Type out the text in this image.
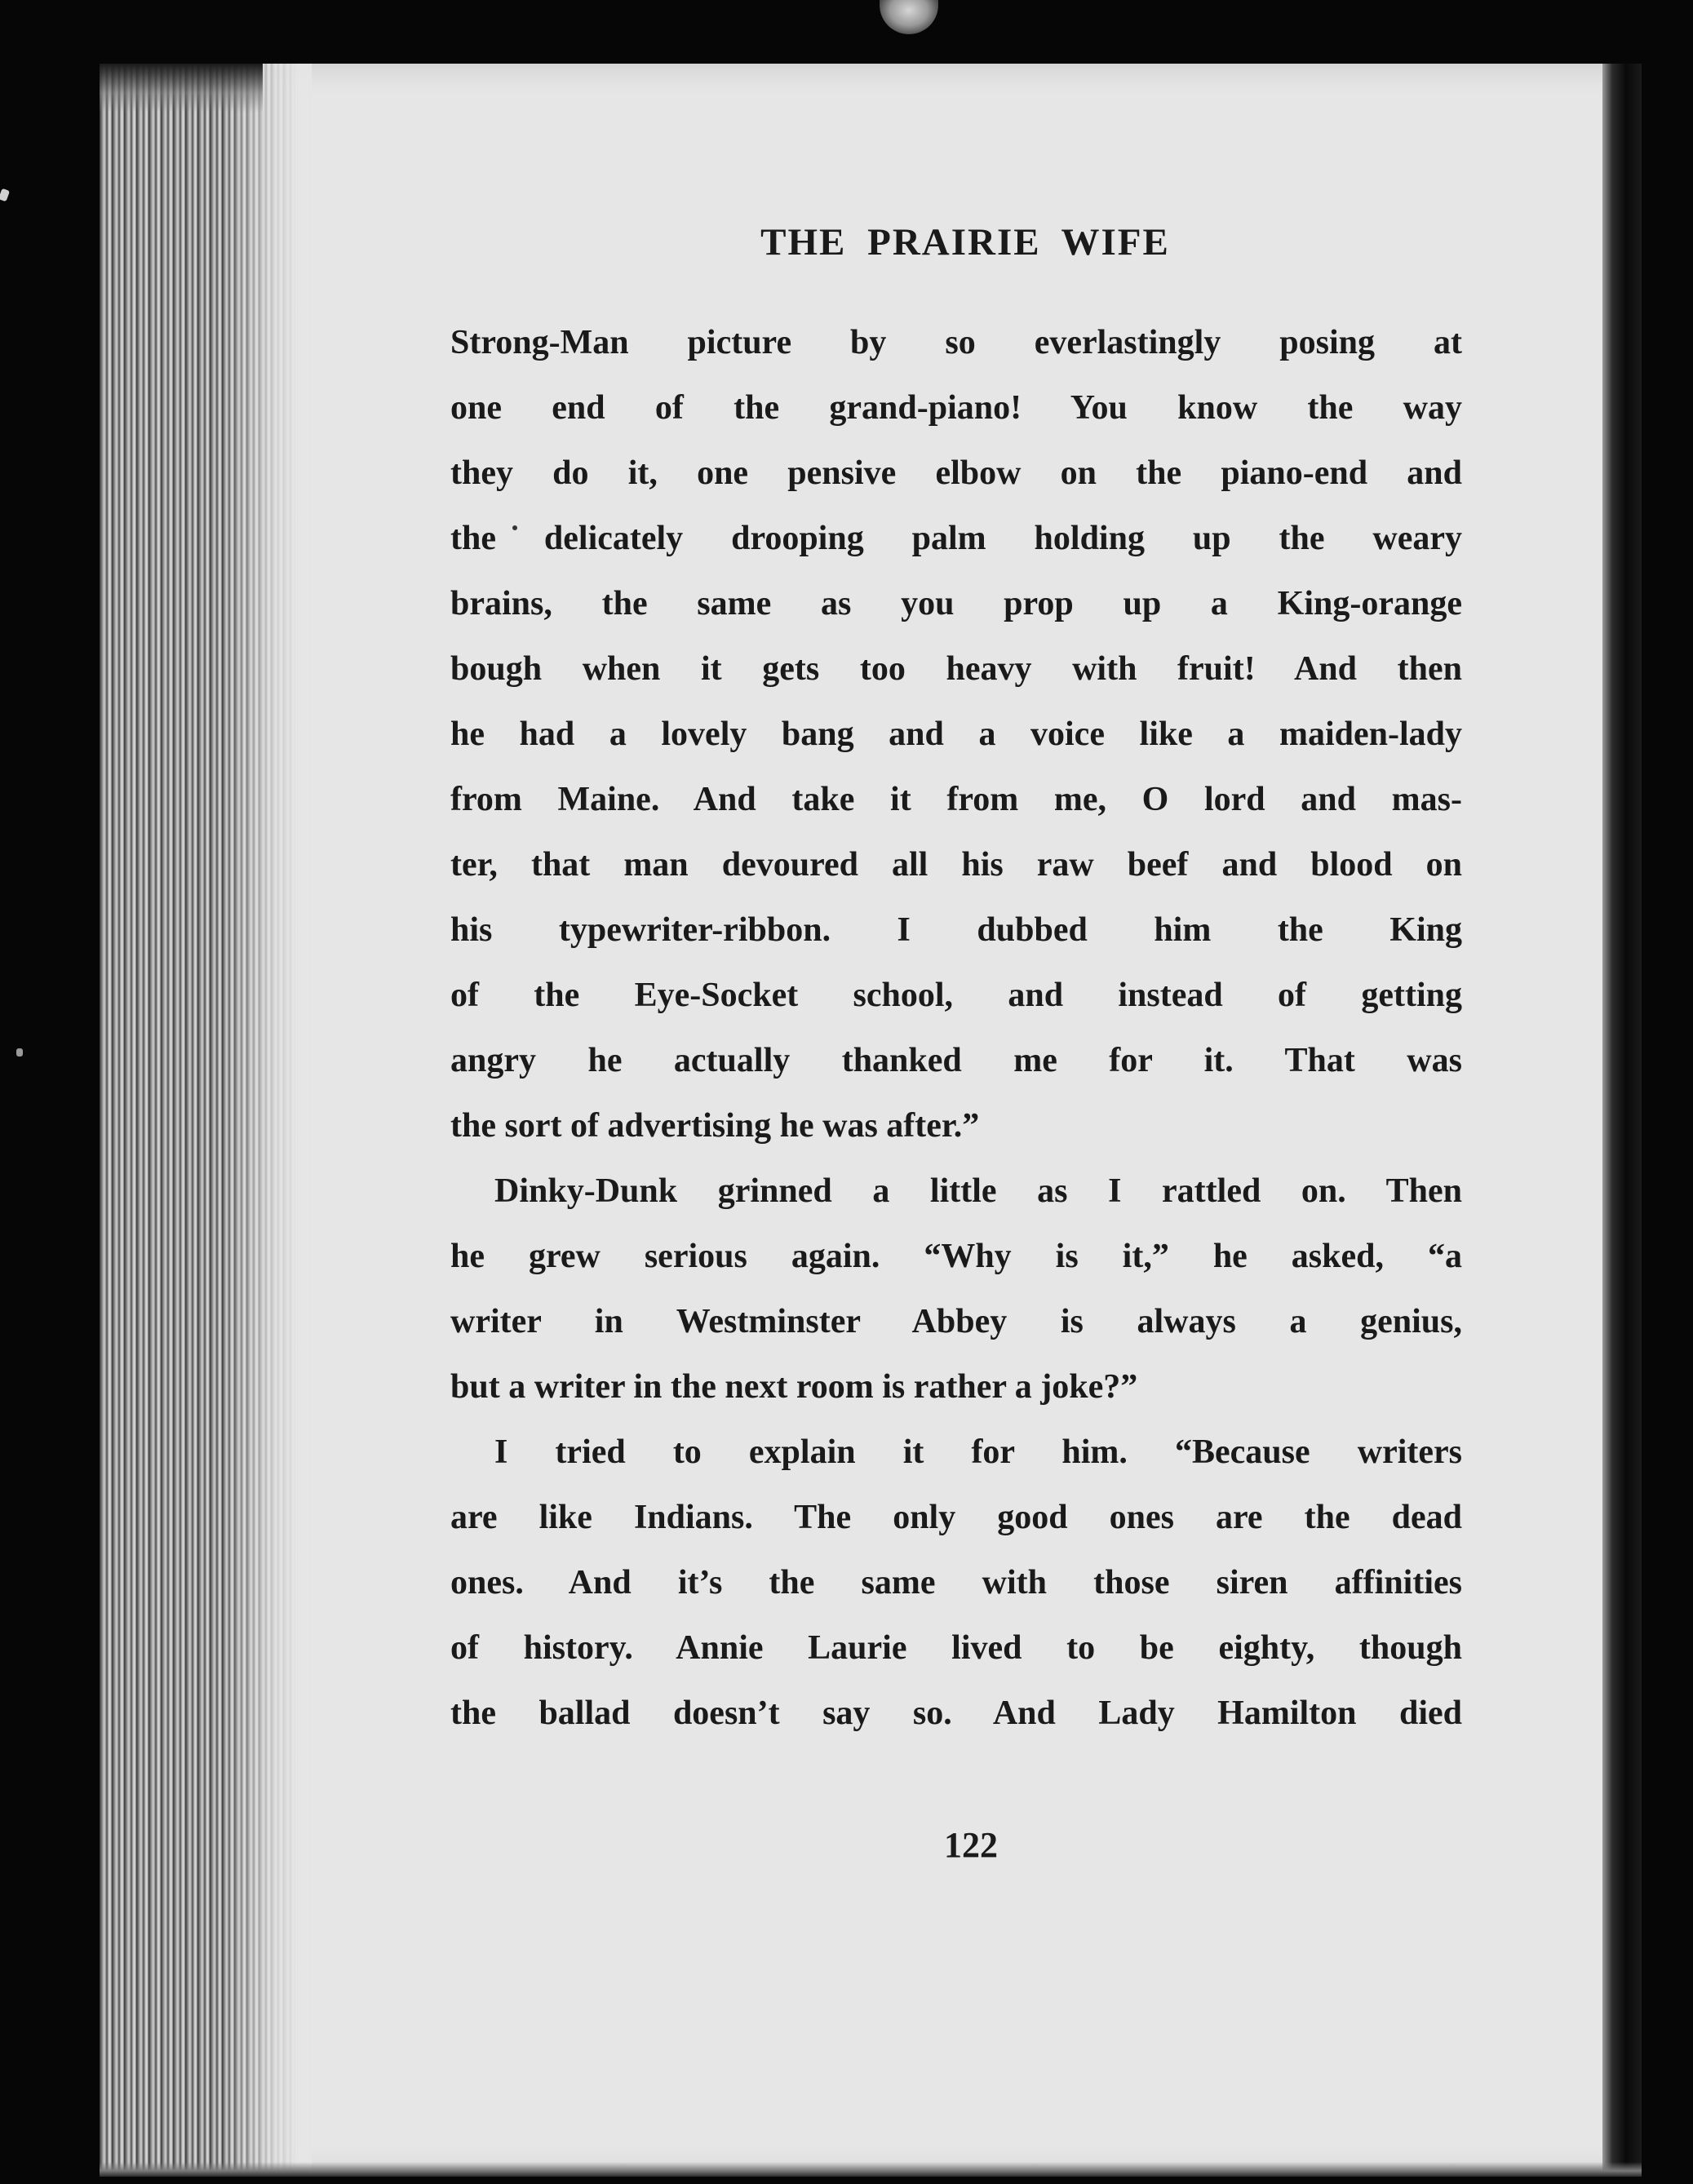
THE PRAIRIE WIFE
Strong-Man picture by so everlastingly posing at
one end of the grand-piano! You know the way
they do it, one pensive elbow on the piano-end and
the delicately drooping palm holding up the weary
brains, the same as you prop up a King-orange
bough when it gets too heavy with fruit! And then
he had a lovely bang and a voice like a maiden-lady
from Maine. And take it from me, O lord and mas-
ter, that man devoured all his raw beef and blood on
his typewriter-ribbon. I dubbed him the King
of the Eye-Socket school, and instead of getting
angry he actually thanked me for it. That was
the sort of advertising he was after.”
Dinky-Dunk grinned a little as I rattled on. Then
he grew serious again. “Why is it,” he asked, “a
writer in Westminster Abbey is always a genius,
but a writer in the next room is rather a joke?”
I tried to explain it for him. “Because writers
are like Indians. The only good ones are the dead
ones. And it’s the same with those siren affinities
of history. Annie Laurie lived to be eighty, though
the ballad doesn’t say so. And Lady Hamilton died
122
